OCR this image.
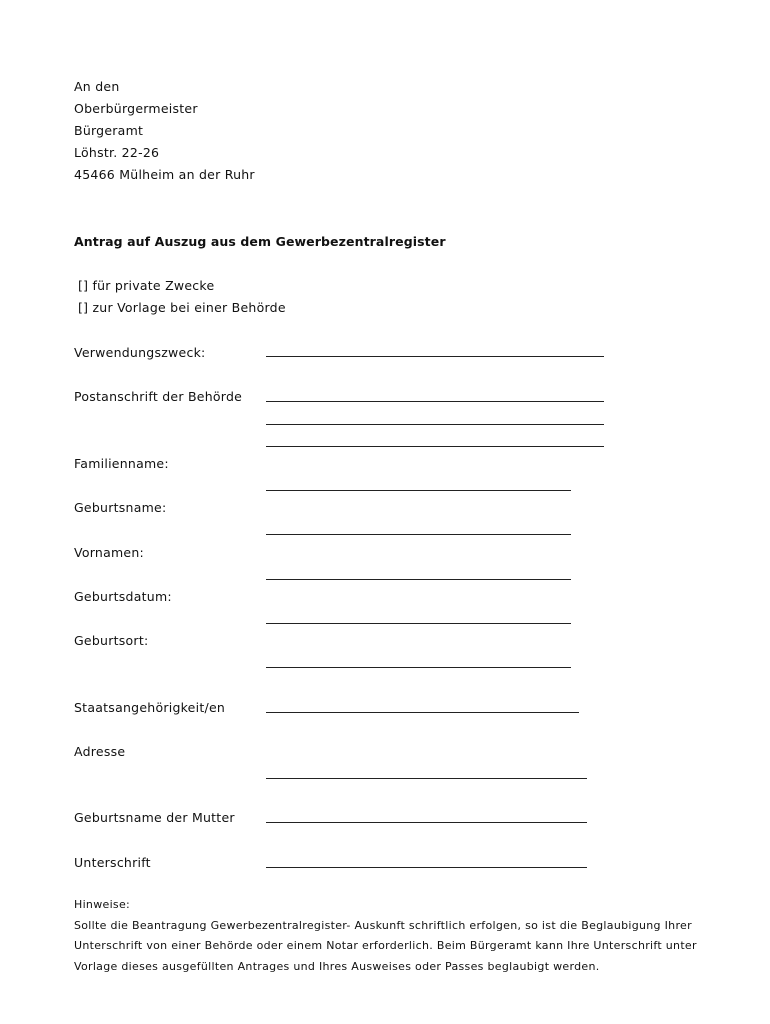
An den
Oberbürgermeister
Bürgeramt
Löhstr. 22-26
45466 Mülheim an der Ruhr
Antrag auf Auszug aus dem Gewerbezentralregister
[] für private Zwecke
[] zur Vorlage bei einer Behörde
Verwendungszweck:
Postanschrift der Behörde
Familienname:
Geburtsname:
Vornamen:
Geburtsdatum:
Geburtsort:
Staatsangehörigkeit/en
Adresse
Geburtsname der Mutter
Unterschrift
Hinweise:
Sollte die Beantragung Gewerbezentralregister- Auskunft schriftlich erfolgen, so ist die Beglaubigung Ihrer
Unterschrift von einer Behörde oder einem Notar erforderlich. Beim Bürgeramt kann Ihre Unterschrift unter
Vorlage dieses ausgefüllten Antrages und Ihres Ausweises oder Passes beglaubigt werden.
